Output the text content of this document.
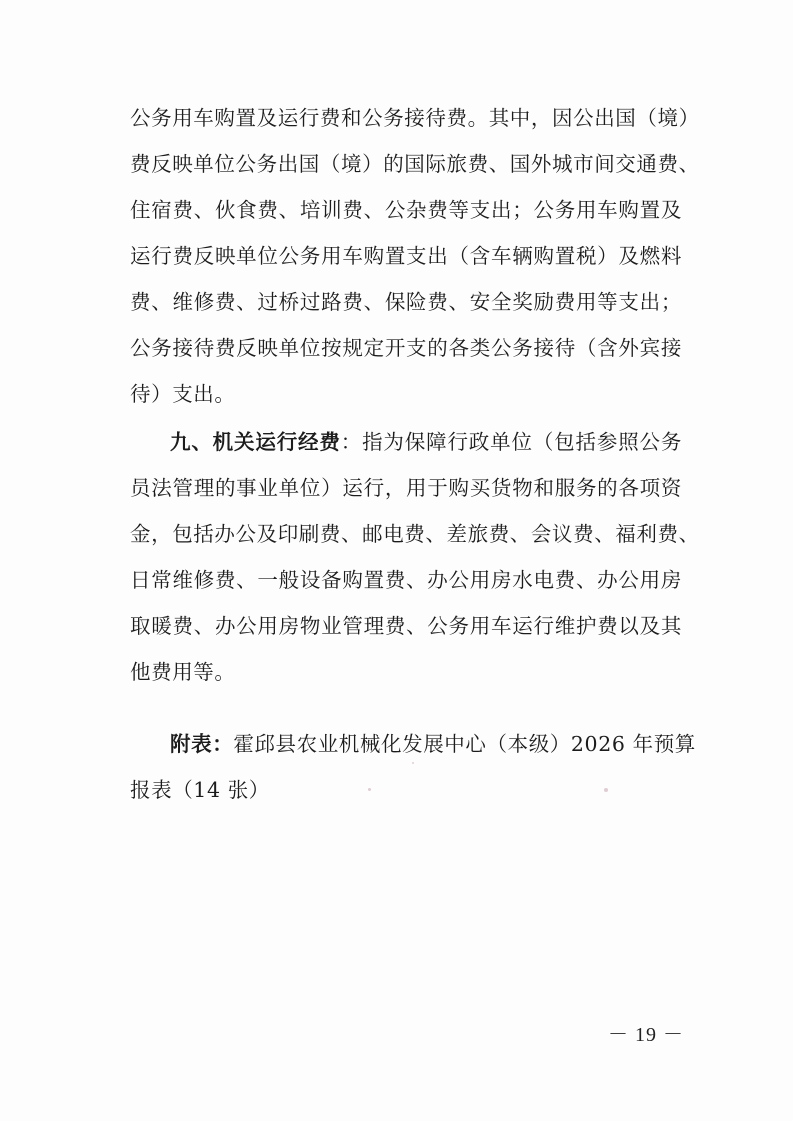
公务用车购置及运行费和公务接待费。其中，因公出国（境）
费反映单位公务出国（境）的国际旅费、国外城市间交通费、
住宿费、伙食费、培训费、公杂费等支出；公务用车购置及
运行费反映单位公务用车购置支出（含车辆购置税）及燃料
费、维修费、过桥过路费、保险费、安全奖励费用等支出；
公务接待费反映单位按规定开支的各类公务接待（含外宾接
待）支出。
九、机关运行经费：指为保障行政单位（包括参照公务
员法管理的事业单位）运行，用于购买货物和服务的各项资
金，包括办公及印刷费、邮电费、差旅费、会议费、福利费、
日常维修费、一般设备购置费、办公用房水电费、办公用房
取暖费、办公用房物业管理费、公务用车运行维护费以及其
他费用等。
附表：霍邱县农业机械化发展中心（本级）2026 年预算
报表（14 张）
－ 19 －
